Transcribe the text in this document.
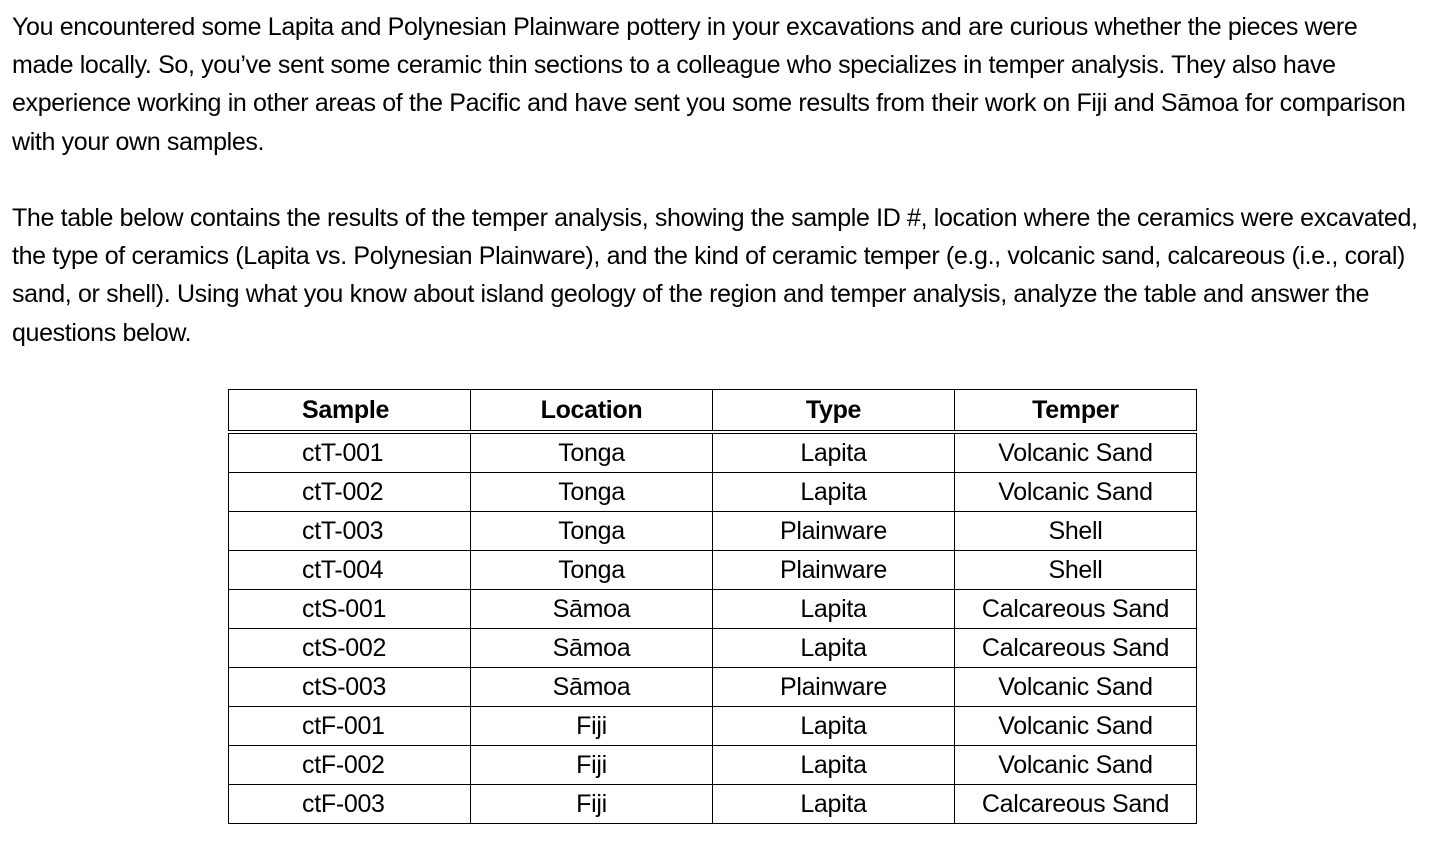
You encountered some Lapita and Polynesian Plainware pottery in your excavations and are curious whether the pieces were made locally. So, you’ve sent some ceramic thin sections to a colleague who specializes in temper analysis. They also have experience working in other areas of the Pacific and have sent you some results from their work on Fiji and Sāmoa for comparison with your own samples.

The table below contains the results of the temper analysis, showing the sample ID #, location where the ceramics were excavated, the type of ceramics (Lapita vs. Polynesian Plainware), and the kind of ceramic temper (e.g., volcanic sand, calcareous (i.e., coral) sand, or shell). Using what you know about island geology of the region and temper analysis, analyze the table and answer the questions below.

Sample	Location	Type	Temper
ctT-001	Tonga	Lapita	Volcanic Sand
ctT-002	Tonga	Lapita	Volcanic Sand
ctT-003	Tonga	Plainware	Shell
ctT-004	Tonga	Plainware	Shell
ctS-001	Sāmoa	Lapita	Calcareous Sand
ctS-002	Sāmoa	Lapita	Calcareous Sand
ctS-003	Sāmoa	Plainware	Volcanic Sand
ctF-001	Fiji	Lapita	Volcanic Sand
ctF-002	Fiji	Lapita	Volcanic Sand
ctF-003	Fiji	Lapita	Calcareous Sand
